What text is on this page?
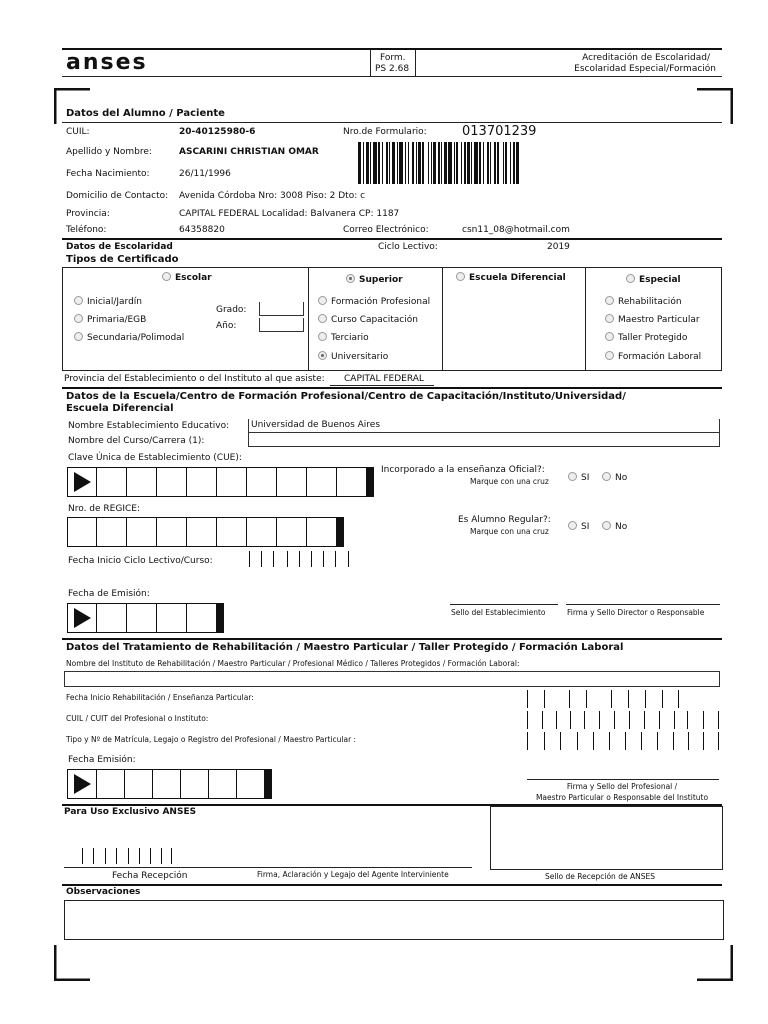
anses	Form.
PS 2.68
Acreditación de Escolaridad/
Escolaridad Especial/Formación
Datos del Alumno / Paciente
CUIL:	20-40125980-6	Nro.de Formulario:	013701239
Apellido y Nombre:	ASCARINI CHRISTIAN OMAR
Fecha Nacimiento:	26/11/1996
Domicilio de Contacto: Avenida Córdoba Nro: 3008 Piso: 2 Dto: c
Provincia:	CAPITAL FEDERAL Localidad: Balvanera CP: 1187
Teléfono:	64358820	Correo Electrónico:	csn11_08@hotmail.com
Datos de Escolaridad	Ciclo Lectivo:	2019
Tipos de Certificado
Escolar
Inicial/Jardín
Primaria/EGB
Secundaria/Polimodal
Grado:
Año:
Superior
Formación Profesional
Curso Capacitación
Terciario
Universitario
Escuela Diferencial	Especial
Rehabilitación
Maestro Particular
Taller Protegido
Formación Laboral
Provincia del Establecimiento o del Instituto al que asiste: CAPITAL FEDERAL
Datos de la Escuela/Centro de Formación Profesional/Centro de Capacitación/Instituto/Universidad/
Escuela Diferencial
Nombre Establecimiento Educativo: Universidad de Buenos Aires
Nombre del Curso/Carrera (1):
Clave Única de Establecimiento (CUE):
Incorporado a la enseñanza Oficial?:
Marque con una cruz	SI	No
Nro. de REGICE:
Es Alumno Regular?:
Marque con una cruz	SI	No
Fecha Inicio Ciclo Lectivo/Curso:
Fecha de Emisión:
Sello del Establecimiento	Firma y Sello Director o Responsable
Datos del Tratamiento de Rehabilitación / Maestro Particular / Taller Protegido / Formación Laboral
Nombre del Instituto de Rehabilitación / Maestro Particular / Profesional Médico / Talleres Protegidos / Formación Laboral:
Fecha Inicio Rehabilitación / Enseñanza Particular:
CUIL / CUIT del Profesional o Instituto:
Tipo y Nº de Matrícula, Legajo o Registro del Profesional / Maestro Particular :
Fecha Emisión:
Firma y Sello del Profesional /
Maestro Particular o Responsable del Instituto
Para Uso Exclusivo ANSES
Fecha Recepción	Firma, Aclaración y Legajo del Agente Interviniente	Sello de Recepción de ANSES
Observaciones
